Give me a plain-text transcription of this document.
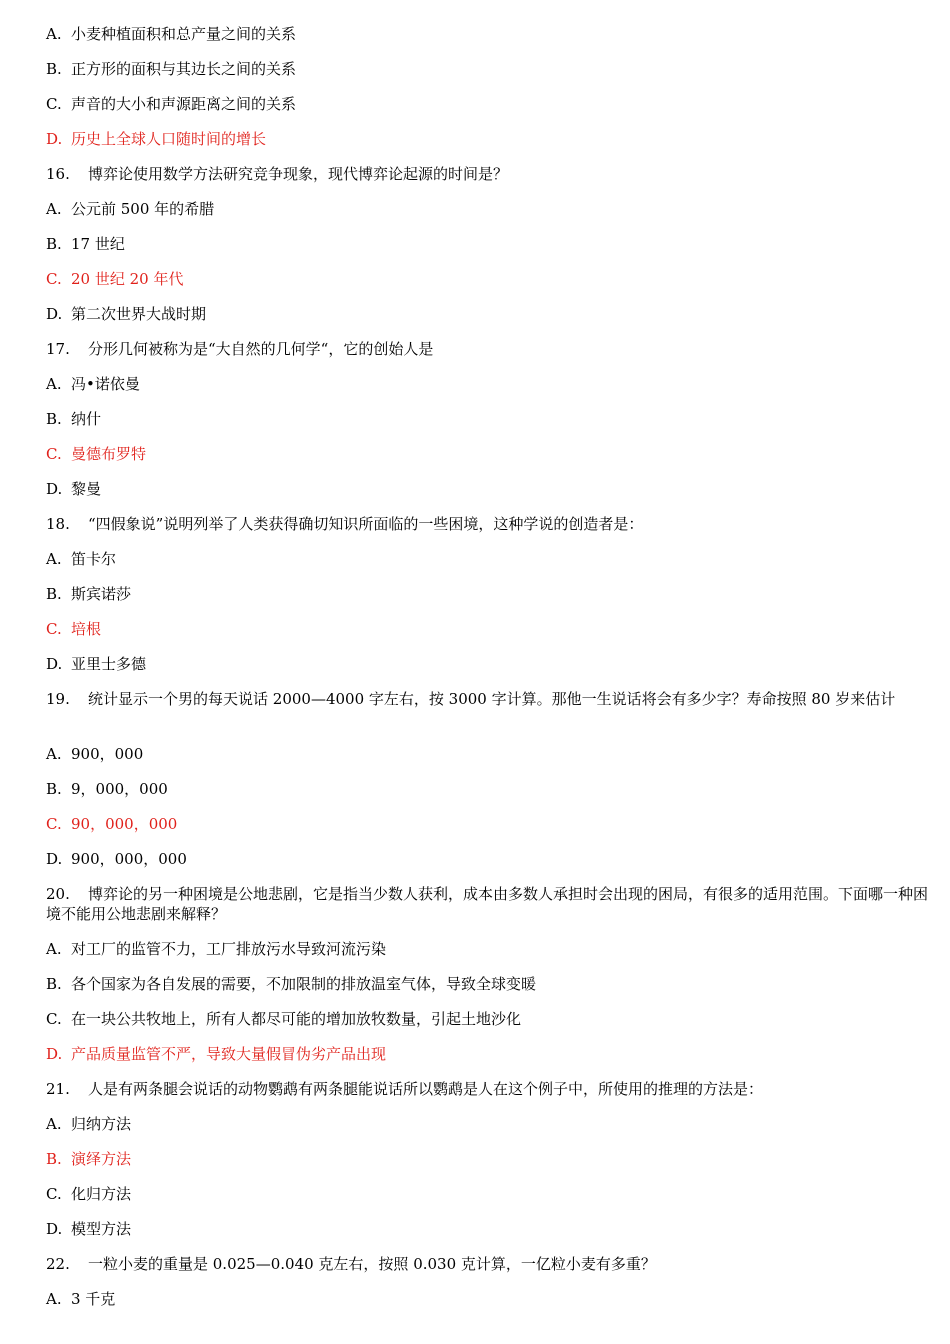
A. 小麦种植面积和总产量之间的关系
B. 正方形的面积与其边长之间的关系
C. 声音的大小和声源距离之间的关系
D. 历史上全球人口随时间的增长
16. 博弈论使用数学方法研究竞争现象，现代博弈论起源的时间是？
A. 公元前 500 年的希腊
B. 17 世纪
C. 20 世纪 20 年代
D. 第二次世界大战时期
17. 分形几何被称为是“大自然的几何学“，它的创始人是
A. 冯•诺依曼
B. 纳什
C. 曼德布罗特
D. 黎曼
18. “四假象说”说明列举了人类获得确切知识所面临的一些困境，这种学说的创造者是：
A. 笛卡尔
B. 斯宾诺莎
C. 培根
D. 亚里士多德
19. 统计显示一个男的每天说话 2000—4000 字左右，按 3000 字计算。那他一生说话将会有多少字？寿命按照 80 岁来估计
A. 900，000
B. 9，000，000
C. 90，000，000
D. 900，000，000
20. 博弈论的另一种困境是公地悲剧，它是指当少数人获利，成本由多数人承担时会出现的困局，有很多的适用范围。下面哪一种困境不能用公地悲剧来解释？
A. 对工厂的监管不力，工厂排放污水导致河流污染
B. 各个国家为各自发展的需要，不加限制的排放温室气体，导致全球变暖
C. 在一块公共牧地上，所有人都尽可能的增加放牧数量，引起土地沙化
D. 产品质量监管不严，导致大量假冒伪劣产品出现
21. 人是有两条腿会说话的动物鹦鹉有两条腿能说话所以鹦鹉是人在这个例子中，所使用的推理的方法是：
A. 归纳方法
B. 演绎方法
C. 化归方法
D. 模型方法
22. 一粒小麦的重量是 0.025—0.040 克左右，按照 0.030 克计算，一亿粒小麦有多重？
A. 3 千克
